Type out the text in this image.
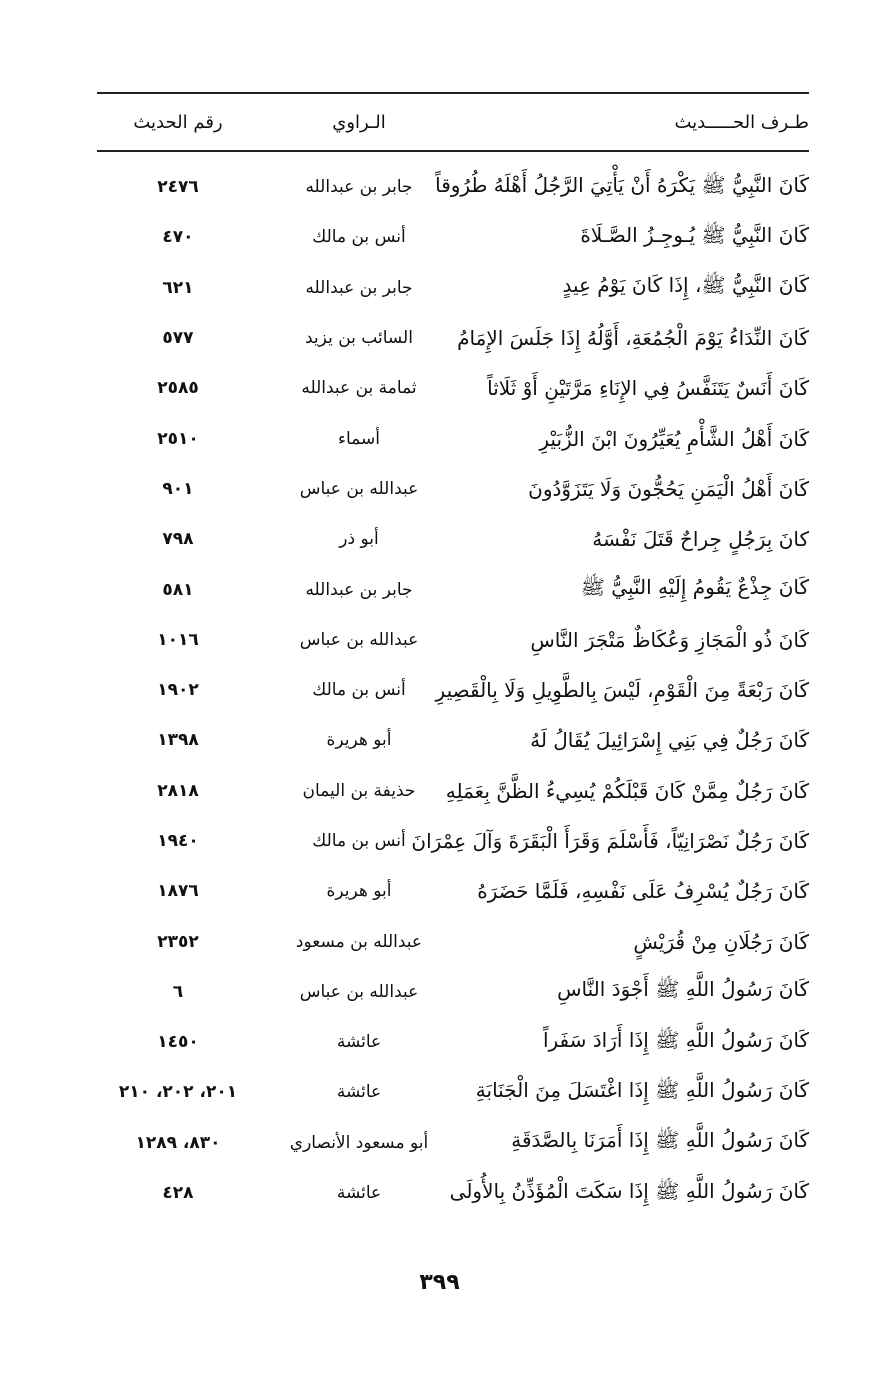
طـرف الحـــــديث
الـراوي
رقم الحديث
كَانَ النَّبِيُّ ﷺ يَكْرَهُ أَنْ يَأْتِيَ الرَّجُلُ أَهْلَهُ طُرُوقاً
جابر بن عبدالله
٢٤٧٦
كَانَ النَّبِيُّ ﷺ يُـوجِـزُ الصَّـلَاةَ
أنس بن مالك
٤٧٠
كَانَ النَّبِيُّ ﷺ، إِذَا كَانَ يَوْمُ عِيدٍ
جابر بن عبدالله
٦٢١
كَانَ النِّدَاءُ يَوْمَ الْجُمُعَةِ، أَوَّلُهُ إِذَا جَلَسَ الإِمَامُ
السائب بن يزيد
٥٧٧
كَانَ أَنَسٌ يَتَنَفَّسُ فِي الإِنَاءِ مَرَّتَيْنِ أَوْ ثَلَاثاً
ثمامة بن عبدالله
٢٥٨٥
كَانَ أَهْلُ الشَّأْمِ يُعَيِّرُونَ ابْنَ الزُّبَيْرِ
أسماء
٢٥١٠
كَانَ أَهْلُ الْيَمَنِ يَحُجُّونَ وَلَا يَتَزَوَّدُونَ
عبدالله بن عباس
٩٠١
كانَ بِرَجُلٍ جِراحٌ قَتَلَ نَفْسَهُ
أبو ذر
٧٩٨
كَانَ جِذْعٌ يَقُومُ إِلَيْهِ النَّبِيُّ ﷺ
جابر بن عبدالله
٥٨١
كَانَ ذُو الْمَجَازِ وَعُكَاظٌ مَتْجَرَ النَّاسِ
عبدالله بن عباس
١٠١٦
كَانَ رَبْعَةً مِنَ الْقَوْمِ، لَيْسَ بِالطَّوِيلِ وَلَا بِالْقَصِيرِ
أنس بن مالك
١٩٠٢
كَانَ رَجُلٌ فِي بَنِي إِسْرَائِيلَ يُقَالُ لَهُ
أبو هريرة
١٣٩٨
كَانَ رَجُلٌ مِمَّنْ كَانَ قَبْلَكُمْ يُسِيءُ الظَّنَّ بِعَمَلِهِ
حذيفة بن اليمان
٢٨١٨
كَانَ رَجُلٌ نَصْرَانِيّاً، فَأَسْلَمَ وَقَرَأَ الْبَقَرَةَ وَآلَ عِمْرَانَ
أنس بن مالك
١٩٤٠
كَانَ رَجُلٌ يُسْرِفُ عَلَى نَفْسِهِ، فَلَمَّا حَضَرَهُ
أبو هريرة
١٨٧٦
كَانَ رَجُلَانِ مِنْ قُرَيْشٍ
عبدالله بن مسعود
٢٣٥٢
كَانَ رَسُولُ اللَّهِ ﷺ أَجْوَدَ النَّاسِ
عبدالله بن عباس
٦
كَانَ رَسُولُ اللَّهِ ﷺ إِذَا أَرَادَ سَفَراً
عائشة
١٤٥٠
كَانَ رَسُولُ اللَّهِ ﷺ إِذَا اغْتَسَلَ مِنَ الْجَنَابَةِ
عائشة
٢٠١، ٢٠٢، ٢١٠
كَانَ رَسُولُ اللَّهِ ﷺ إِذَا أَمَرَنَا بِالصَّدَقَةِ
أبو مسعود الأنصاري
٨٣٠، ١٢٨٩
كَانَ رَسُولُ اللَّهِ ﷺ إِذَا سَكَتَ الْمُؤَذِّنُ بِالأُولَى
عائشة
٤٢٨
٣٩٩
